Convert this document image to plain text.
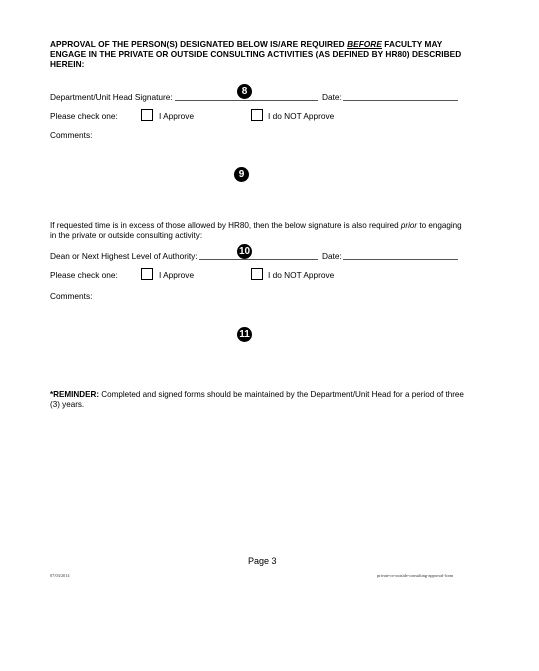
APPROVAL OF THE PERSON(S) DESIGNATED BELOW IS/ARE REQUIRED BEFORE FACULTY MAY ENGAGE IN THE PRIVATE OR OUTSIDE CONSULTING ACTIVITIES (AS DEFINED BY HR80) DESCRIBED HEREIN:
Department/Unit Head Signature:	8	Date:
Please check one:	I Approve	I do NOT Approve
Comments:
9
If requested time is in excess of those allowed by HR80, then the below signature is also required prior to engaging in the private or outside consulting activity:
Dean or Next Highest Level of Authority:	10	Date:
Please check one:	I Approve	I do NOT Approve
Comments:
11
*REMINDER: Completed and signed forms should be maintained by the Department/Unit Head for a period of three (3) years.
Page 3
07/03/2014	private-or-outside-consulting-approval-form
